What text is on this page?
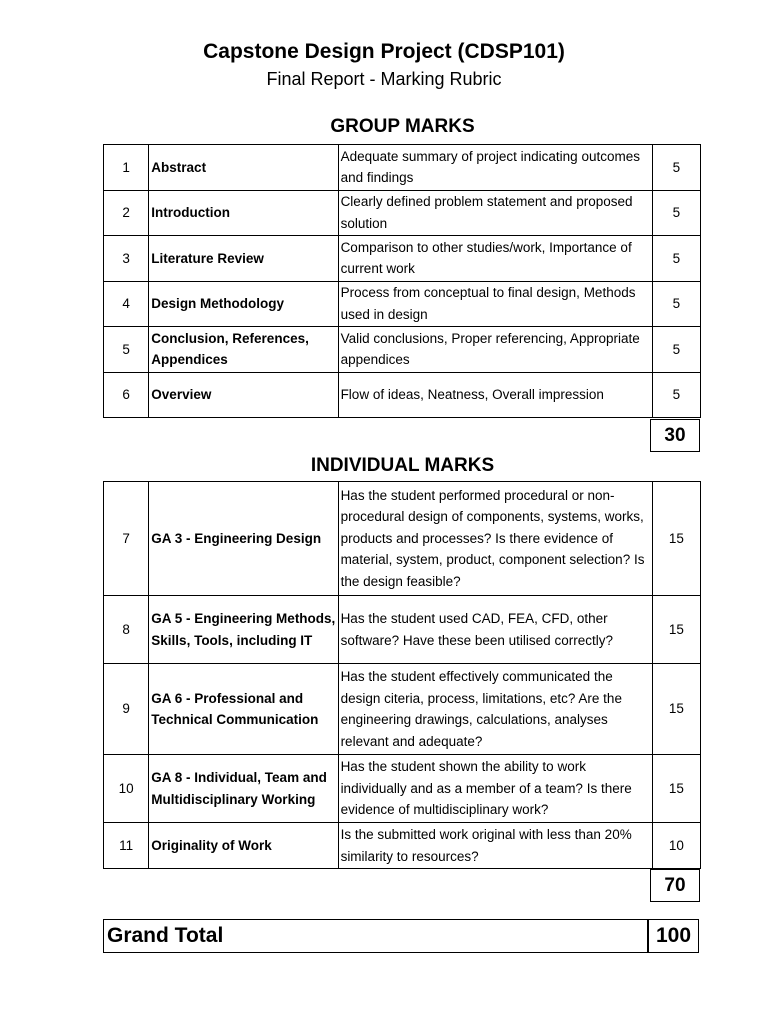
Capstone Design Project (CDSP101)
Final Report - Marking Rubric
GROUP MARKS
1	Abstract	Adequate summary of project indicating outcomes and findings	5
2	Introduction	Clearly defined problem statement and proposed solution	5
3	Literature Review	Comparison to other studies/work, Importance of current work	5
4	Design Methodology	Process from conceptual to final design, Methods used in design	5
5	Conclusion, References, Appendices	Valid conclusions, Proper referencing, Appropriate appendices	5
6	Overview	Flow of ideas, Neatness, Overall impression	5
30
INDIVIDUAL MARKS
7	GA 3 - Engineering Design	Has the student performed procedural or non-procedural design of components, systems, works, products and processes? Is there evidence of material, system, product, component selection? Is the design feasible?	15
8	GA 5 - Engineering Methods, Skills, Tools, including IT	Has the student used CAD, FEA, CFD, other software? Have these been utilised correctly?	15
9	GA 6 - Professional and Technical Communication	Has the student effectively communicated the design citeria, process, limitations, etc? Are the engineering drawings, calculations, analyses relevant and adequate?	15
10	GA 8 - Individual, Team and Multidisciplinary Working	Has the student shown the ability to work individually and as a member of a team? Is there evidence of multidisciplinary work?	15
11	Originality of Work	Is the submitted work original with less than 20% similarity to resources?	10
70
Grand Total	100
